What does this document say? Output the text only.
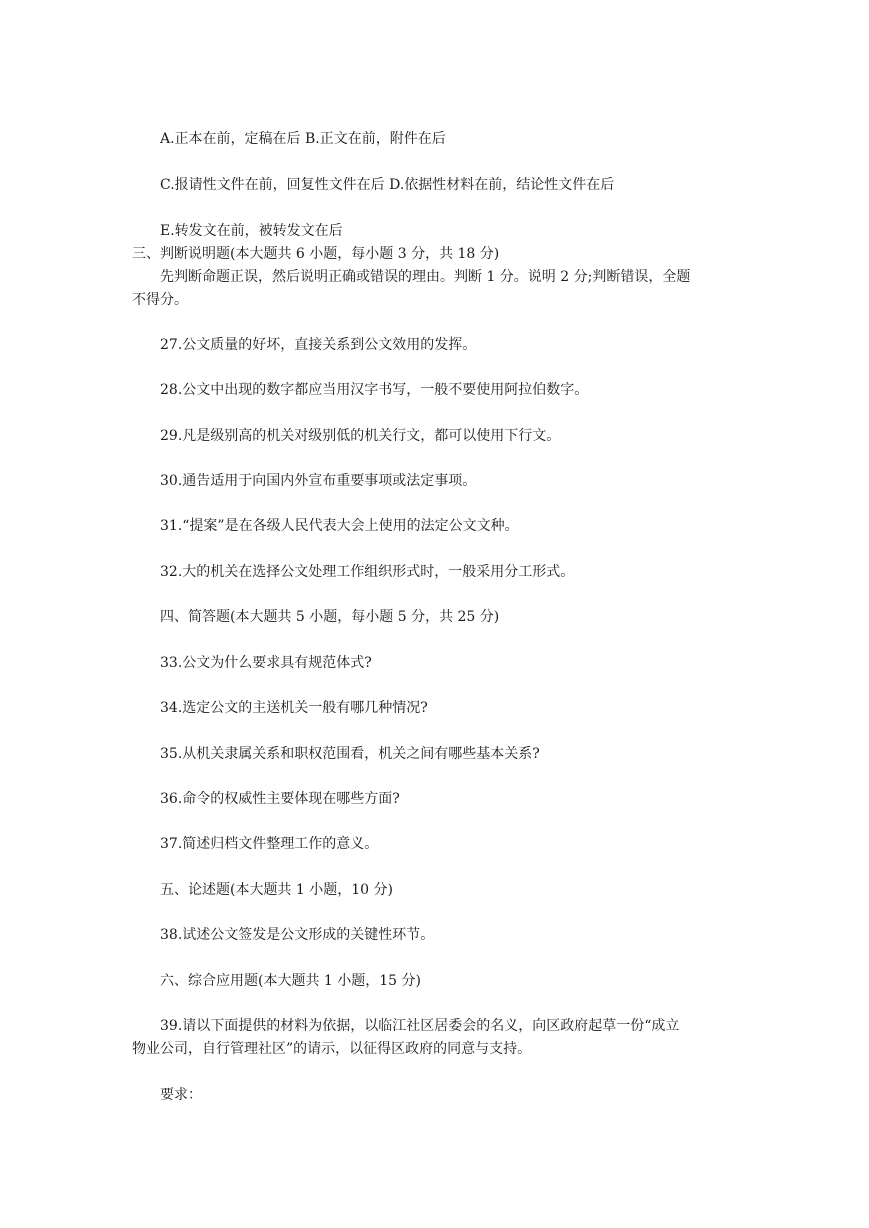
A.正本在前，定稿在后 B.正文在前，附件在后
C.报请性文件在前，回复性文件在后 D.依据性材料在前，结论性文件在后
E.转发文在前，被转发文在后
三、判断说明题(本大题共 6 小题，每小题 3 分，共 18 分)
先判断命题正误，然后说明正确或错误的理由。判断 1 分。说明 2 分;判断错误，全题
不得分。
27.公文质量的好坏，直接关系到公文效用的发挥。
28.公文中出现的数字都应当用汉字书写，一般不要使用阿拉伯数字。
29.凡是级别高的机关对级别低的机关行文，都可以使用下行文。
30.通告适用于向国内外宣布重要事项或法定事项。
31.“提案”是在各级人民代表大会上使用的法定公文文种。
32.大的机关在选择公文处理工作组织形式时，一般采用分工形式。
四、简答题(本大题共 5 小题，每小题 5 分，共 25 分)
33.公文为什么要求具有规范体式?
34.选定公文的主送机关一般有哪几种情况?
35.从机关隶属关系和职权范围看，机关之间有哪些基本关系?
36.命令的权威性主要体现在哪些方面?
37.简述归档文件整理工作的意义。
五、论述题(本大题共 1 小题，10 分)
38.试述公文签发是公文形成的关键性环节。
六、综合应用题(本大题共 1 小题，15 分)
39.请以下面提供的材料为依据，以临江社区居委会的名义，向区政府起草一份“成立
物业公司，自行管理社区”的请示，以征得区政府的同意与支持。
要求：
